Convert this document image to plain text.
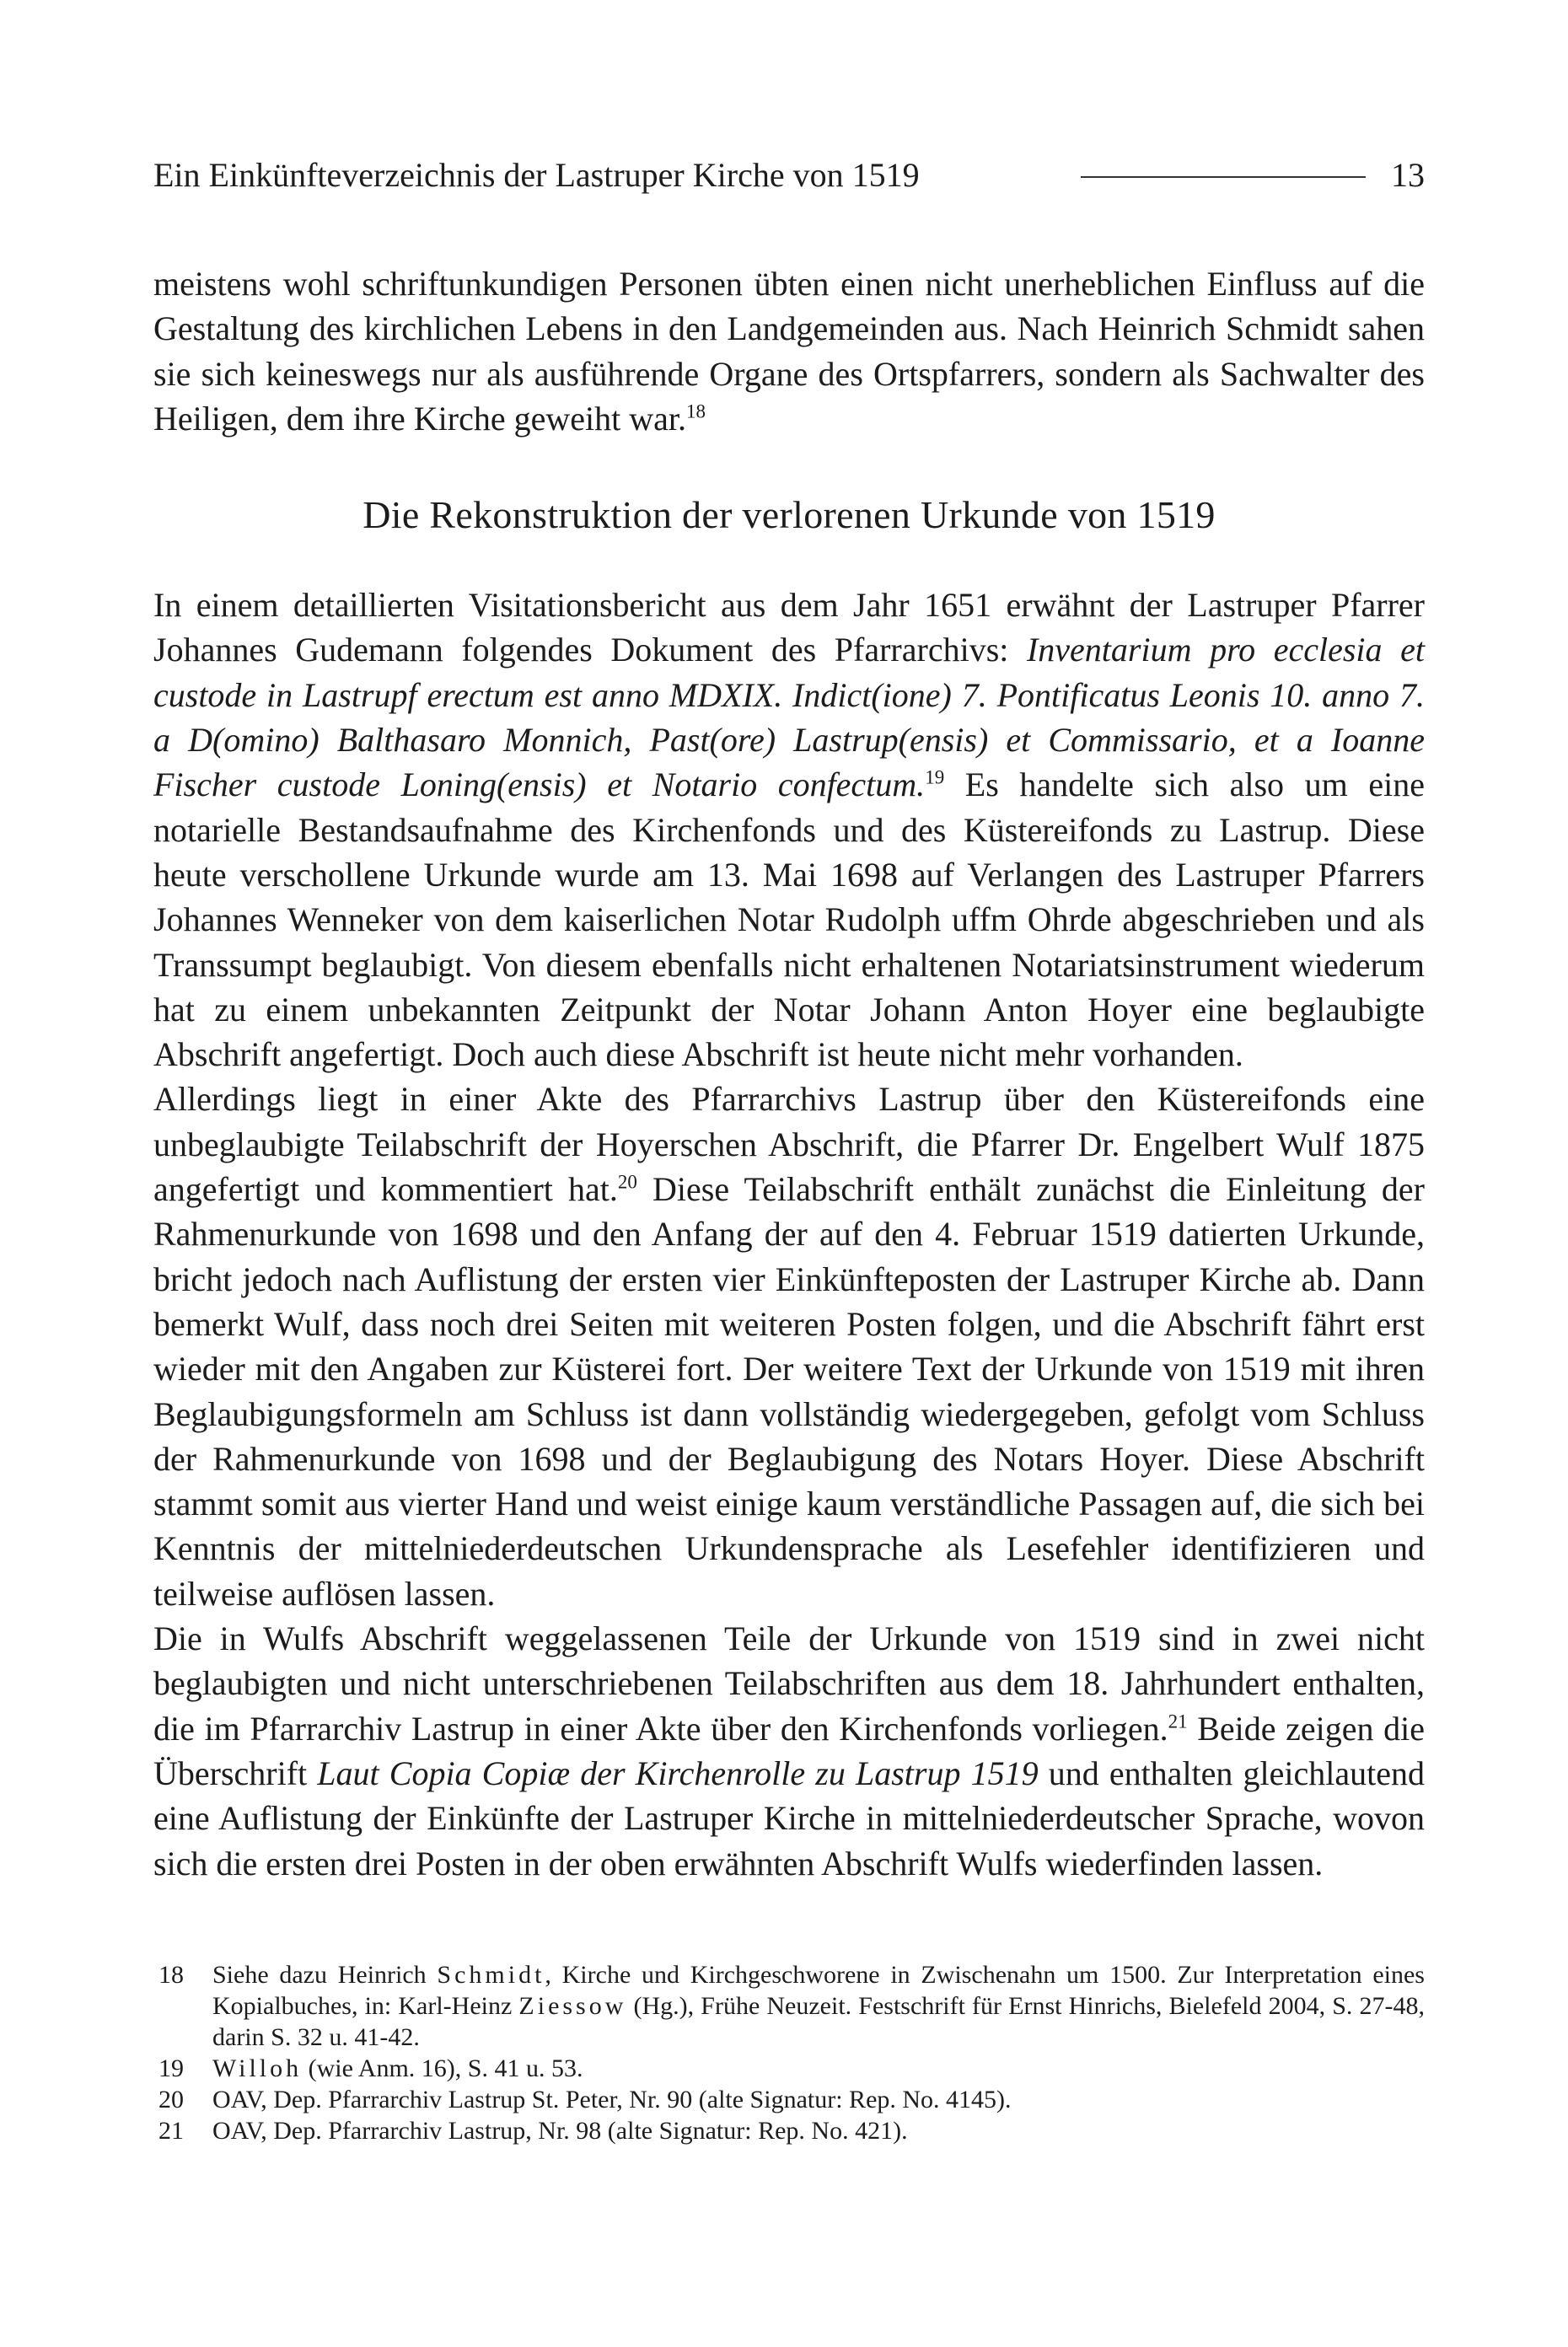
Ein Einkünfteverzeichnis der Lastruper Kirche von 1519	13

meistens wohl schriftunkundigen Personen übten einen nicht unerheblichen Einfluss auf die Gestaltung des kirchlichen Lebens in den Landgemeinden aus. Nach Heinrich Schmidt sahen sie sich keineswegs nur als ausführende Organe des Ortspfarrers, sondern als Sachwalter des Heiligen, dem ihre Kirche geweiht war.$^{18}$

Die Rekonstruktion der verlorenen Urkunde von 1519

In einem detaillierten Visitationsbericht aus dem Jahr 1651 erwähnt der Lastruper Pfarrer Johannes Gudemann folgendes Dokument des Pfarrarchivs: Inventarium pro ecclesia et custode in Lastrupf erectum est anno MDXIX. Indict(ione) 7. Pontificatus Leonis 10. anno 7. a D(omino) Balthasaro Monnich, Past(ore) Lastrup(ensis) et Commissario, et a Ioanne Fischer custode Loning(ensis) et Notario confectum.$^{19}$ Es handelte sich also um eine notarielle Bestandsaufnahme des Kirchenfonds und des Küstereifonds zu Lastrup. Diese heute verschollene Urkunde wurde am 13. Mai 1698 auf Verlangen des Lastruper Pfarrers Johannes Wenneker von dem kaiserlichen Notar Rudolph uffm Ohrde abgeschrieben und als Transsumpt beglaubigt. Von diesem ebenfalls nicht erhaltenen Notariatsinstrument wiederum hat zu einem unbekannten Zeitpunkt der Notar Johann Anton Hoyer eine beglaubigte Abschrift angefertigt. Doch auch diese Abschrift ist heute nicht mehr vorhanden.

Allerdings liegt in einer Akte des Pfarrarchivs Lastrup über den Küstereifonds eine unbeglaubigte Teilabschrift der Hoyerschen Abschrift, die Pfarrer Dr. Engelbert Wulf 1875 angefertigt und kommentiert hat.$^{20}$ Diese Teilabschrift enthält zunächst die Einleitung der Rahmenurkunde von 1698 und den Anfang der auf den 4. Februar 1519 datierten Urkunde, bricht jedoch nach Auflistung der ersten vier Einkünfteposten der Lastruper Kirche ab. Dann bemerkt Wulf, dass noch drei Seiten mit weiteren Posten folgen, und die Abschrift fährt erst wieder mit den Angaben zur Küsterei fort. Der weitere Text der Urkunde von 1519 mit ihren Beglaubigungsformeln am Schluss ist dann vollständig wiedergegeben, gefolgt vom Schluss der Rahmenurkunde von 1698 und der Beglaubigung des Notars Hoyer. Diese Abschrift stammt somit aus vierter Hand und weist einige kaum verständliche Passagen auf, die sich bei Kenntnis der mittelniederdeutschen Urkundensprache als Lesefehler identifizieren und teilweise auflösen lassen.

Die in Wulfs Abschrift weggelassenen Teile der Urkunde von 1519 sind in zwei nicht beglaubigten und nicht unterschriebenen Teilabschriften aus dem 18. Jahrhundert enthalten, die im Pfarrarchiv Lastrup in einer Akte über den Kirchenfonds vorliegen.$^{21}$ Beide zeigen die Überschrift Laut Copia Copiæ der Kirchenrolle zu Lastrup 1519 und enthalten gleichlautend eine Auflistung der Einkünfte der Lastruper Kirche in mittelniederdeutscher Sprache, wovon sich die ersten drei Posten in der oben erwähnten Abschrift Wulfs wiederfinden lassen.

18 Siehe dazu Heinrich Schmidt, Kirche und Kirchgeschworene in Zwischenahn um 1500. Zur Interpretation eines Kopialbuches, in: Karl-Heinz Ziessow (Hg.), Frühe Neuzeit. Festschrift für Ernst Hinrichs, Bielefeld 2004, S. 27-48, darin S. 32 u. 41-42.
19 Willoh (wie Anm. 16), S. 41 u. 53.
20 OAV, Dep. Pfarrarchiv Lastrup St. Peter, Nr. 90 (alte Signatur: Rep. No. 4145).
21 OAV, Dep. Pfarrarchiv Lastrup, Nr. 98 (alte Signatur: Rep. No. 421).
